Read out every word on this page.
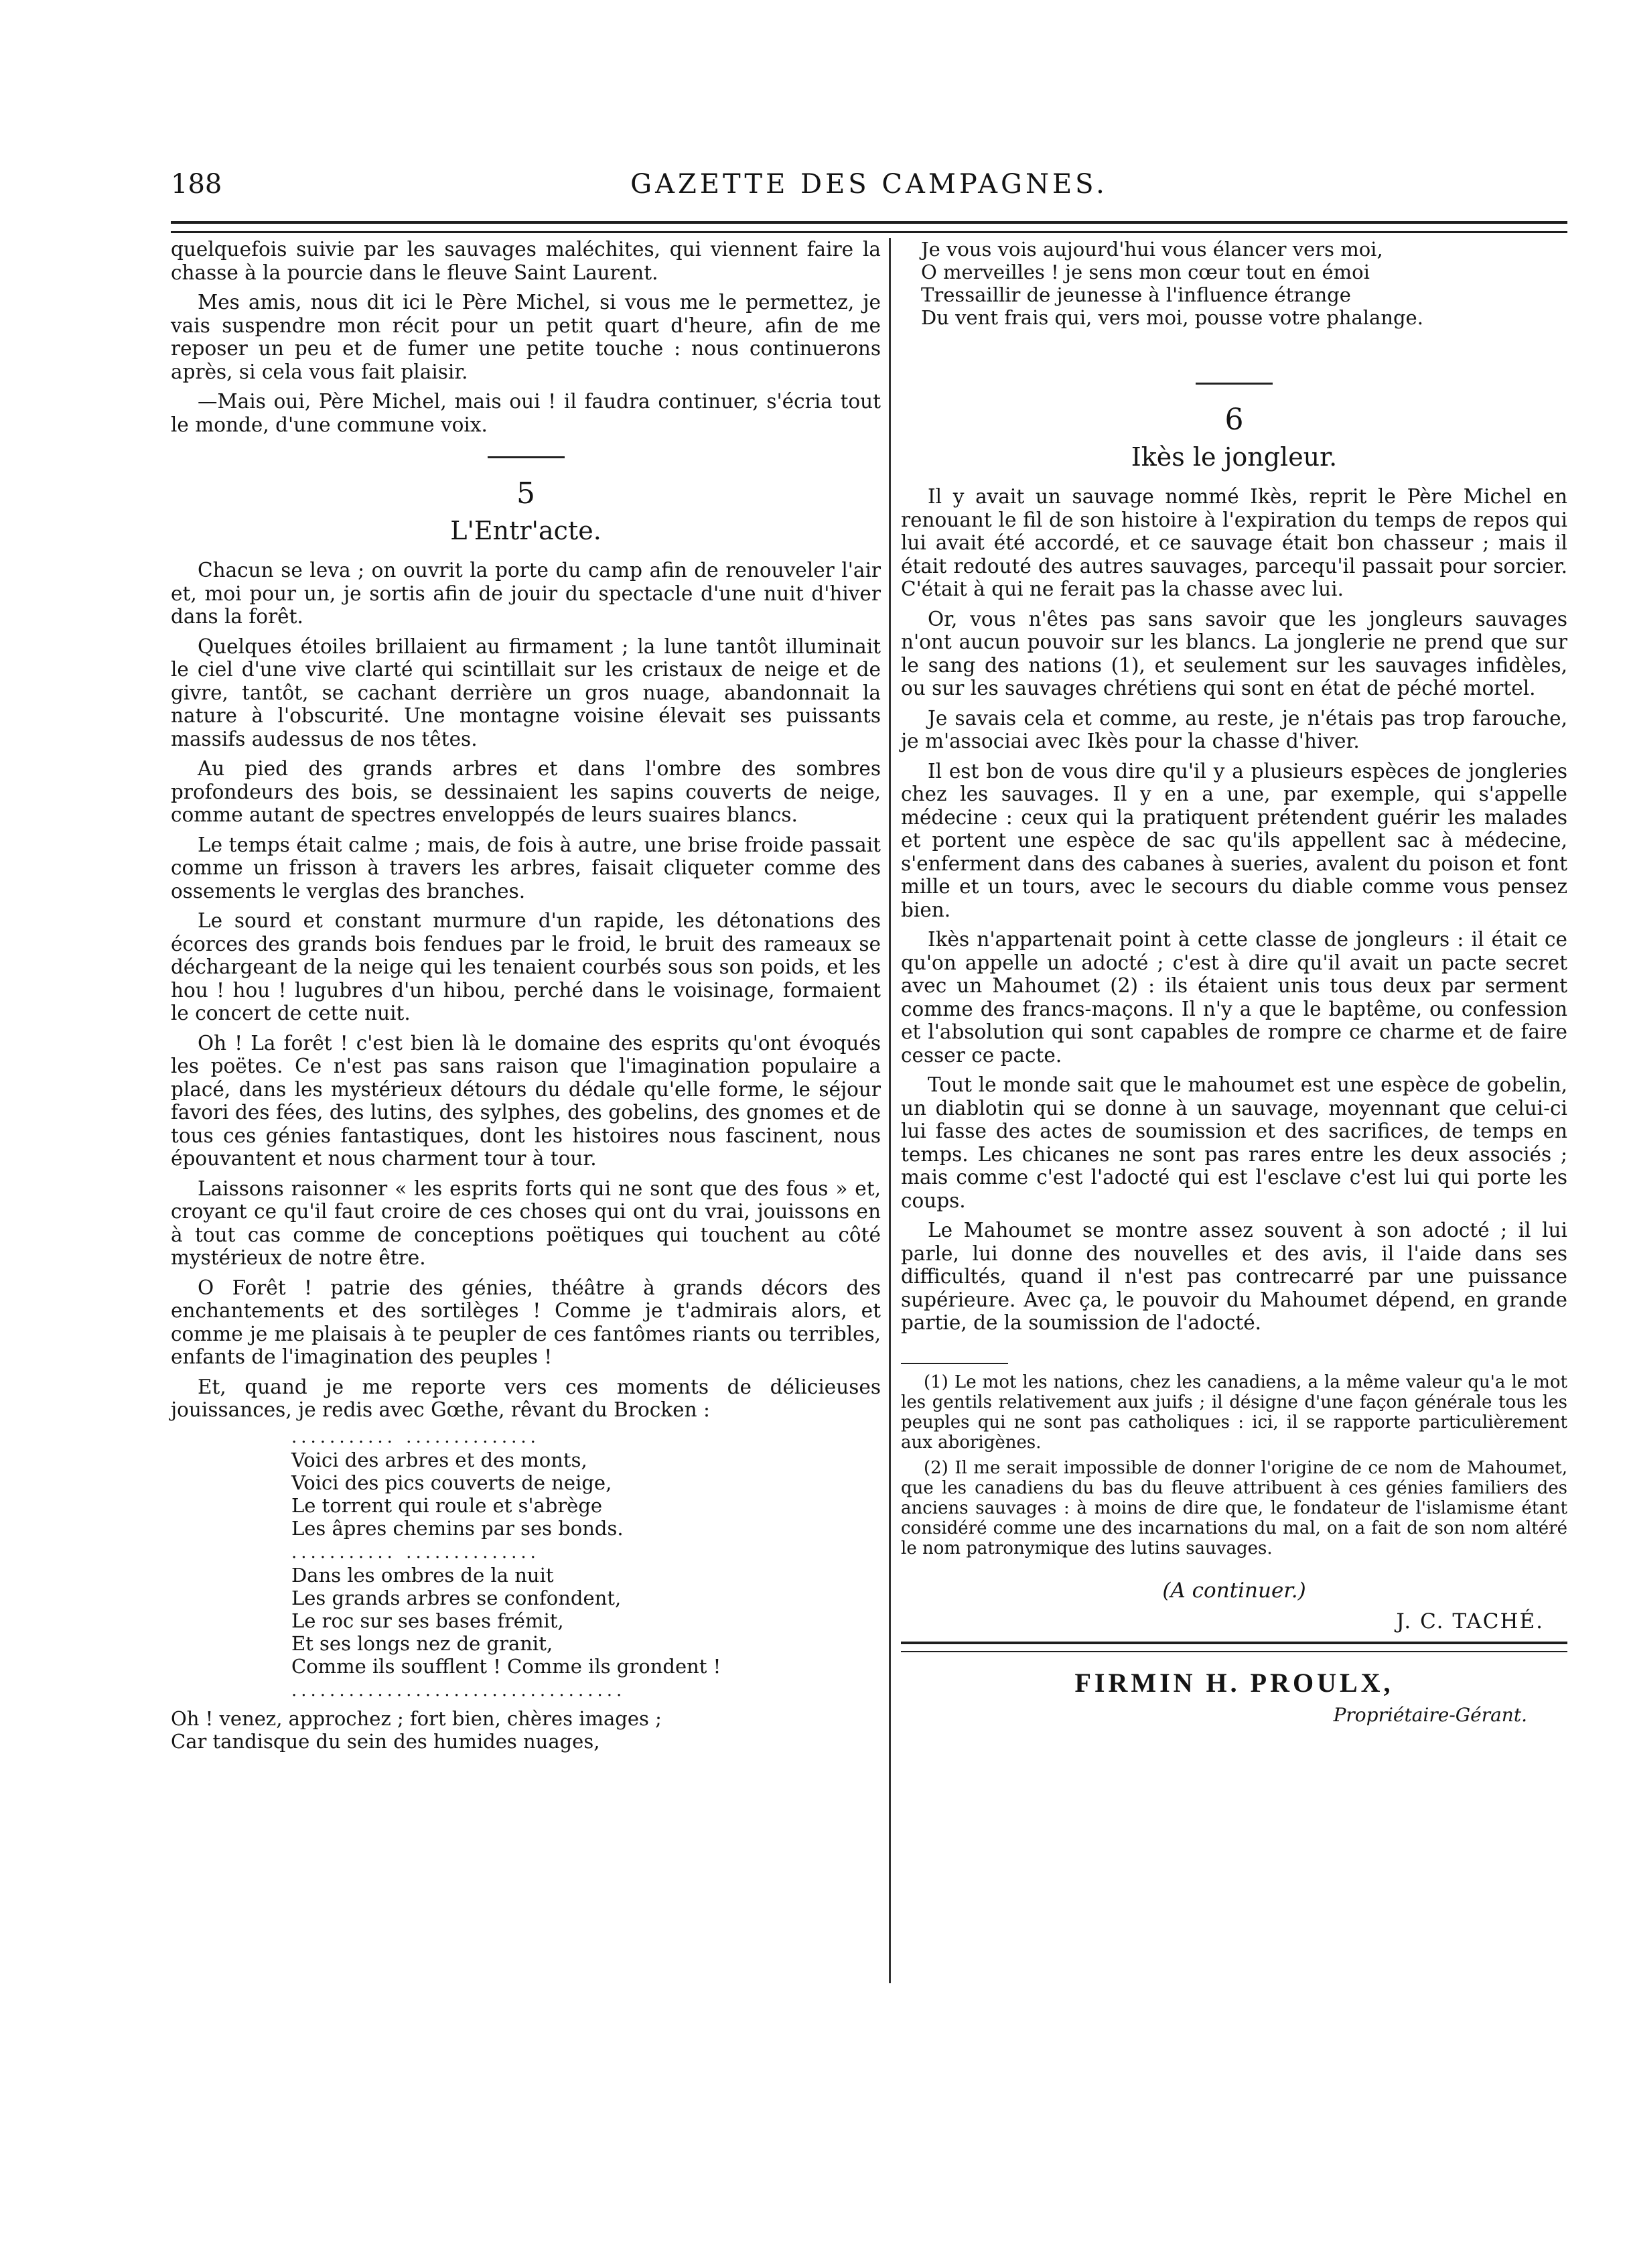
188	GAZETTE DES CAMPAGNES.

quelquefois suivie par les sauvages maléchites, qui viennent faire la chasse à la pourcie dans le fleuve Saint Laurent.

Mes amis, nous dit ici le Père Michel, si vous me le permettez, je vais suspendre mon récit pour un petit quart d'heure, afin de me reposer un peu et de fumer une petite touche : nous continuerons après, si cela vous fait plaisir.

—Mais oui, Père Michel, mais oui ! il faudra continuer, s'écria tout le monde, d'une commune voix.

5
L'Entr'acte.

Chacun se leva ; on ouvrit la porte du camp afin de renouveler l'air et, moi pour un, je sortis afin de jouir du spectacle d'une nuit d'hiver dans la forêt.

Quelques étoiles brillaient au firmament ; la lune tantôt illuminait le ciel d'une vive clarté qui scintillait sur les cristaux de neige et de givre, tantôt, se cachant derrière un gros nuage, abandonnait la nature à l'obscurité. Une montagne voisine élevait ses puissants massifs audessus de nos têtes.

Au pied des grands arbres et dans l'ombre des sombres profondeurs des bois, se dessinaient les sapins couverts de neige, comme autant de spectres enveloppés de leurs suaires blancs.

Le temps était calme ; mais, de fois à autre, une brise froide passait comme un frisson à travers les arbres, faisait cliqueter comme des ossements le verglas des branches.

Le sourd et constant murmure d'un rapide, les détonations des écorces des grands bois fendues par le froid, le bruit des rameaux se déchargeant de la neige qui les tenaient courbés sous son poids, et les hou ! hou ! lugubres d'un hibou, perché dans le voisinage, formaient le concert de cette nuit.

Oh ! La forêt ! c'est bien là le domaine des esprits qu'ont évoqués les poëtes. Ce n'est pas sans raison que l'imagination populaire a placé, dans les mystérieux détours du dédale qu'elle forme, le séjour favori des fées, des lutins, des sylphes, des gobelins, des gnomes et de tous ces génies fantastiques, dont les histoires nous fascinent, nous épouvantent et nous charment tour à tour.

Laissons raisonner « les esprits forts qui ne sont que des fous » et, croyant ce qu'il faut croire de ces choses qui ont du vrai, jouissons en à tout cas comme de conceptions poëtiques qui touchent au côté mystérieux de notre être.

O Forêt ! patrie des génies, théâtre à grands décors des enchantements et des sortilèges ! Comme je t'admirais alors, et comme je me plaisais à te peupler de ces fantômes riants ou terribles, enfants de l'imagination des peuples !

Et, quand je me reporte vers ces moments de délicieuses jouissances, je redis avec Gœthe, rêvant du Brocken :

........... ..............
Voici des arbres et des monts,
Voici des pics couverts de neige,
Le torrent qui roule et s'abrège
Les âpres chemins par ses bonds.
........... ..............
Dans les ombres de la nuit
Les grands arbres se confondent,
Le roc sur ses bases frémit,
Et ses longs nez de granit,
Comme ils soufflent ! Comme ils grondent !
...................................
Oh ! venez, approchez ; fort bien, chères images ;
Car tandisque du sein des humides nuages,
Je vous vois aujourd'hui vous élancer vers moi,
O merveilles ! je sens mon cœur tout en émoi
Tressaillir de jeunesse à l'influence étrange
Du vent frais qui, vers moi, pousse votre phalange.
6
Ikès le jongleur.

Il y avait un sauvage nommé Ikès, reprit le Père Michel en renouant le fil de son histoire à l'expiration du temps de repos qui lui avait été accordé, et ce sauvage était bon chasseur ; mais il était redouté des autres sauvages, parcequ'il passait pour sorcier. C'était à qui ne ferait pas la chasse avec lui.

Or, vous n'êtes pas sans savoir que les jongleurs sauvages n'ont aucun pouvoir sur les blancs. La jonglerie ne prend que sur le sang des nations (1), et seulement sur les sauvages infidèles, ou sur les sauvages chrétiens qui sont en état de péché mortel.

Je savais cela et comme, au reste, je n'étais pas trop farouche, je m'associai avec Ikès pour la chasse d'hiver.

Il est bon de vous dire qu'il y a plusieurs espèces de jongleries chez les sauvages. Il y en a une, par exemple, qui s'appelle médecine : ceux qui la pratiquent prétendent guérir les malades et portent une espèce de sac qu'ils appellent sac à médecine, s'enferment dans des cabanes à sueries, avalent du poison et font mille et un tours, avec le secours du diable comme vous pensez bien.

Ikès n'appartenait point à cette classe de jongleurs : il était ce qu'on appelle un adocté ; c'est à dire qu'il avait un pacte secret avec un Mahoumet (2) : ils étaient unis tous deux par serment comme des francs-maçons. Il n'y a que le baptême, ou confession et l'absolution qui sont capables de rompre ce charme et de faire cesser ce pacte.

Tout le monde sait que le mahoumet est une espèce de gobelin, un diablotin qui se donne à un sauvage, moyennant que celui-ci lui fasse des actes de soumission et des sacrifices, de temps en temps. Les chicanes ne sont pas rares entre les deux associés ; mais comme c'est l'adocté qui est l'esclave c'est lui qui porte les coups.

Le Mahoumet se montre assez souvent à son adocté ; il lui parle, lui donne des nouvelles et des avis, il l'aide dans ses difficultés, quand il n'est pas contrecarré par une puissance supérieure. Avec ça, le pouvoir du Mahoumet dépend, en grande partie, de la soumission de l'adocté.

(1) Le mot les nations, chez les canadiens, a la même valeur qu'a le mot les gentils relativement aux juifs ; il désigne d'une façon générale tous les peuples qui ne sont pas catholiques : ici, il se rapporte particulièrement aux aborigènes.

(2) Il me serait impossible de donner l'origine de ce nom de Mahoumet, que les canadiens du bas du fleuve attribuent à ces génies familiers des anciens sauvages : à moins de dire que, le fondateur de l'islamisme étant considéré comme une des incarnations du mal, on a fait de son nom altéré le nom patronymique des lutins sauvages.

(A continuer.)
J. C. TACHÉ.
FIRMIN H. PROULX,
Propriétaire-Gérant.
